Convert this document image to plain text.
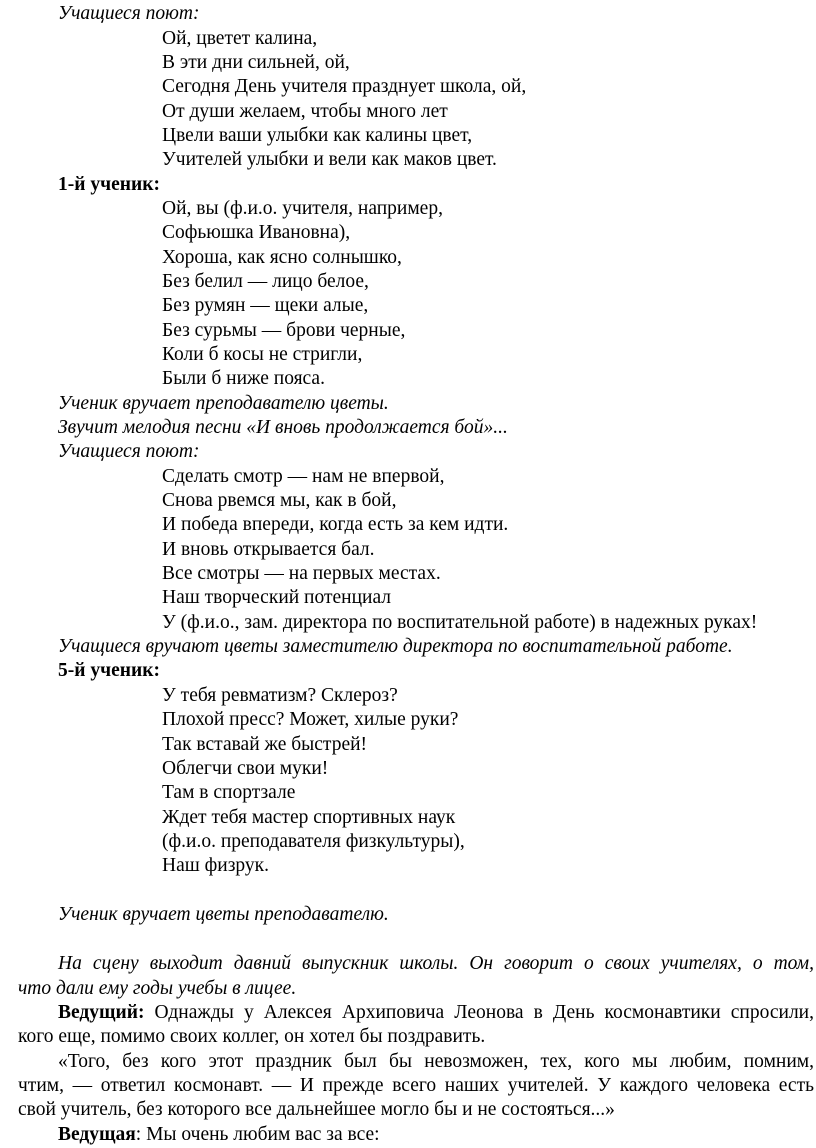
Учащиеся поют:
Ой, цветет калина,
В эти дни сильней, ой,
Сегодня День учителя празднует школа, ой,
От души желаем, чтобы много лет
Цвели ваши улыбки как калины цвет,
Учителей улыбки и вели как маков цвет.
1-й ученик:
Ой, вы (ф.и.о. учителя, например,
Софьюшка Ивановна),
Хороша, как ясно солнышко,
Без белил — лицо белое,
Без румян — щеки алые,
Без сурьмы — брови черные,
Коли б косы не стригли,
Были б ниже пояса.
Ученик вручает преподавателю цветы.
Звучит мелодия песни «И вновь продолжается бой»...
Учащиеся поют:
Сделать смотр — нам не впервой,
Снова рвемся мы, как в бой,
И победа впереди, когда есть за кем идти.
И вновь открывается бал.
Все смотры — на первых местах.
Наш творческий потенциал
У (ф.и.о., зам. директора по воспитательной работе) в надежных руках!
Учащиеся вручают цветы заместителю директора по воспитательной работе.
5-й ученик:
У тебя ревматизм? Склероз?
Плохой пресс? Может, хилые руки?
Так вставай же быстрей!
Облегчи свои муки!
Там в спортзале
Ждет тебя мастер спортивных наук
(ф.и.о. преподавателя физкультуры),
Наш физрук.
Ученик вручает цветы преподавателю.
На сцену выходит давний выпускник школы. Он говорит о своих учителях, о том,
что дали ему годы учебы в лицее.
Ведущий: Однажды у Алексея Архиповича Леонова в День космонавтики спросили,
кого еще, помимо своих коллег, он хотел бы поздравить.
«Того, без кого этот праздник был бы невозможен, тех, кого мы любим, помним,
чтим, — ответил космонавт. — И прежде всего наших учителей. У каждого человека есть
свой учитель, без которого все дальнейшее могло бы и не состояться...»
Ведущая: Мы очень любим вас за все:
